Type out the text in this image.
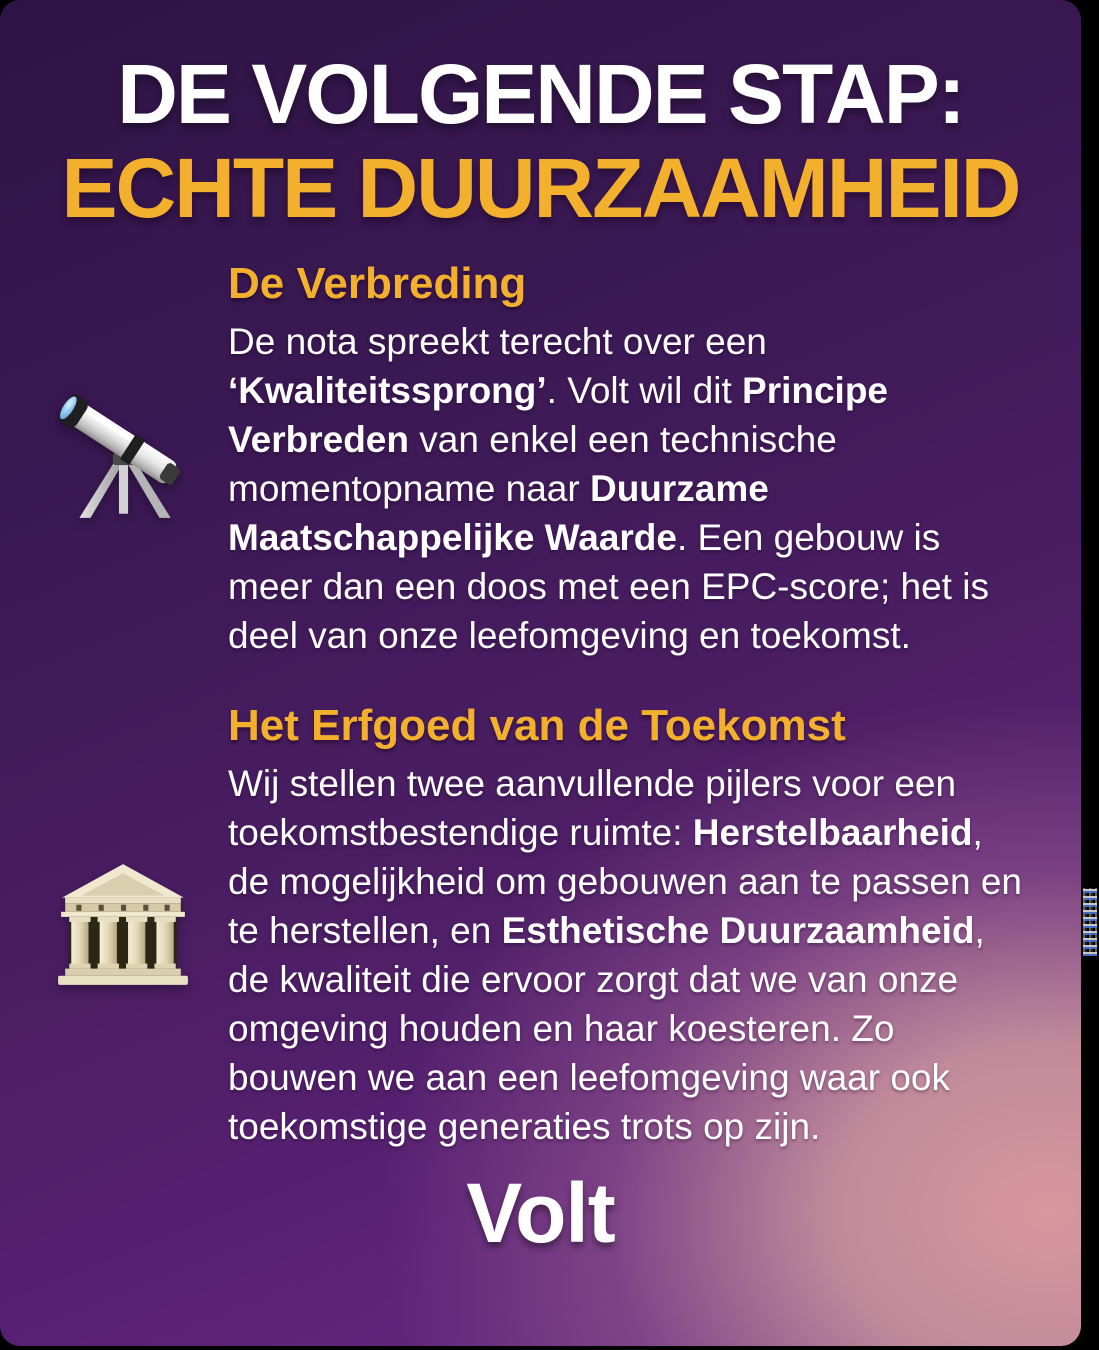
DE VOLGENDE STAP:
ECHTE DUURZAAMHEID
De Verbreding
De nota spreekt terecht over een
‘Kwaliteitssprong’. Volt wil dit Principe
Verbreden van enkel een technische
momentopname naar Duurzame
Maatschappelijke Waarde. Een gebouw is
meer dan een doos met een EPC-score; het is
deel van onze leefomgeving en toekomst.
Het Erfgoed van de Toekomst
Wij stellen twee aanvullende pijlers voor een
toekomstbestendige ruimte: Herstelbaarheid,
de mogelijkheid om gebouwen aan te passen en
te herstellen, en Esthetische Duurzaamheid,
de kwaliteit die ervoor zorgt dat we van onze
omgeving houden en haar koesteren. Zo
bouwen we aan een leefomgeving waar ook
toekomstige generaties trots op zijn.
Volt
